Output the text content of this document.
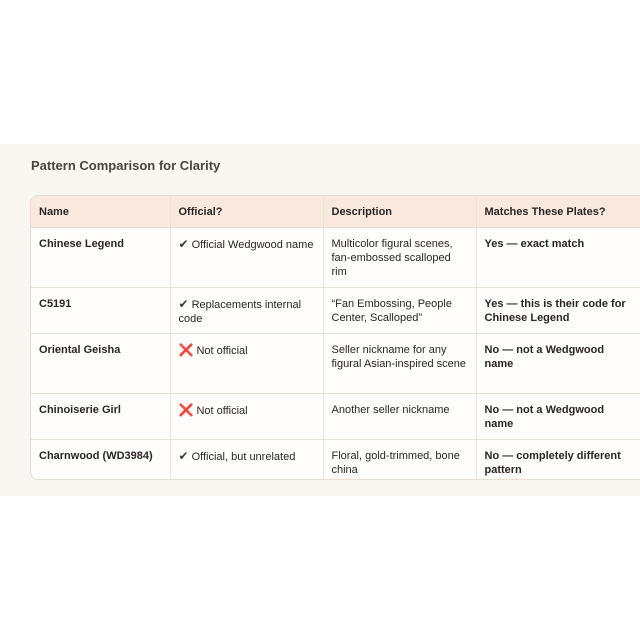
Pattern Comparison for Clarity
Name	Official?	Description	Matches These Plates?
Chinese Legend	✔ Official Wedgwood name	Multicolor figural scenes, fan-embossed scalloped rim	Yes — exact match
C5191	✔ Replacements internal code	“Fan Embossing, People Center, Scalloped”	Yes — this is their code for Chinese Legend
Oriental Geisha	❌ Not official	Seller nickname for any figural Asian-inspired scene	No — not a Wedgwood name
Chinoiserie Girl	❌ Not official	Another seller nickname	No — not a Wedgwood name
Charnwood (WD3984)	✔ Official, but unrelated	Floral, gold-trimmed, bone china	No — completely different pattern
